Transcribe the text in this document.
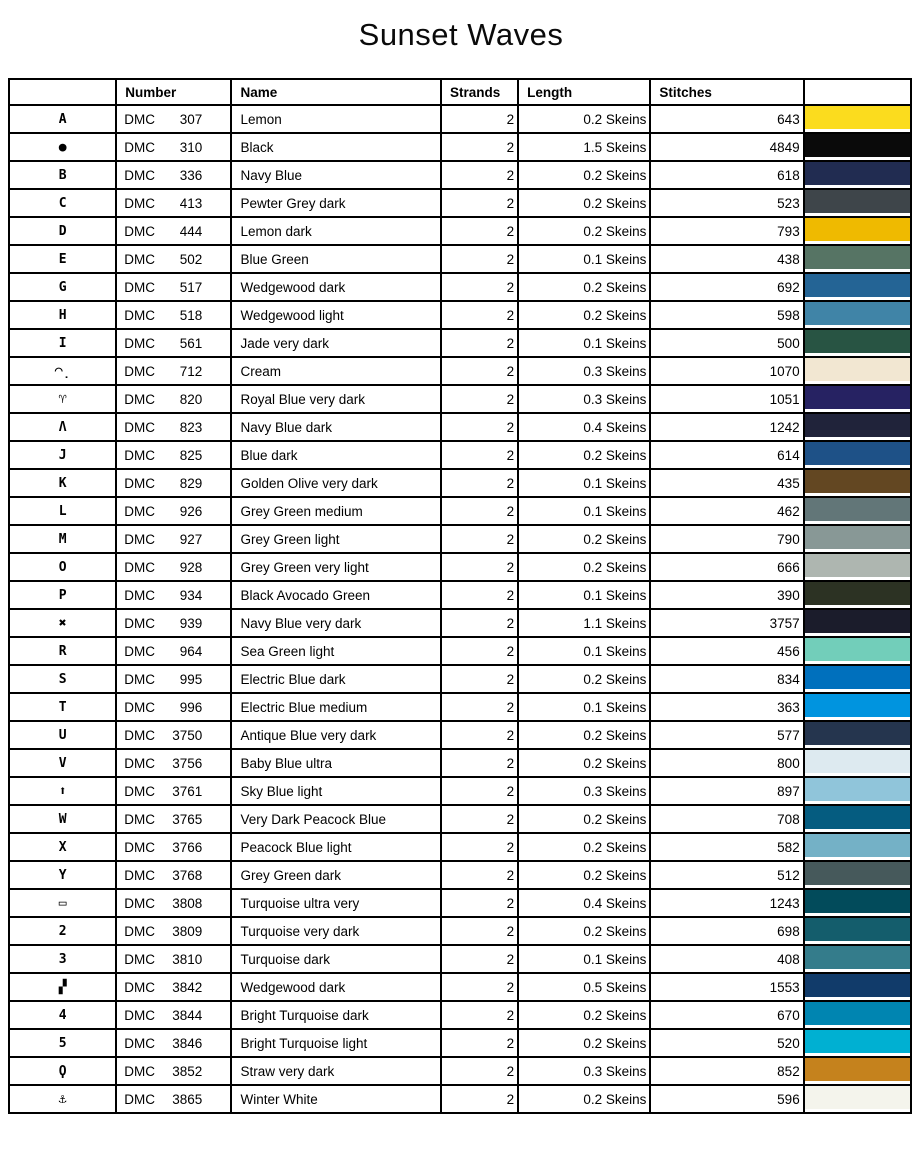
Sunset Waves
	Number	Name	Strands	Length	Stitches	
A	DMC 307	Lemon	2	0.2 Skeins	643	

●	DMC 310	Black	2	1.5 Skeins	4849	

B	DMC 336	Navy Blue	2	0.2 Skeins	618	

C	DMC 413	Pewter Grey dark	2	0.2 Skeins	523	

D	DMC 444	Lemon dark	2	0.2 Skeins	793	

E	DMC 502	Blue Green	2	0.1 Skeins	438	

G	DMC 517	Wedgewood dark	2	0.2 Skeins	692	

H	DMC 518	Wedgewood light	2	0.2 Skeins	598	

I	DMC 561	Jade very dark	2	0.1 Skeins	500	

◠̣	DMC 712	Cream	2	0.3 Skeins	1070	

♈	DMC 820	Royal Blue very dark	2	0.3 Skeins	1051	

Λ	DMC 823	Navy Blue dark	2	0.4 Skeins	1242	

J	DMC 825	Blue dark	2	0.2 Skeins	614	

K	DMC 829	Golden Olive very dark	2	0.1 Skeins	435	

L	DMC 926	Grey Green medium	2	0.1 Skeins	462	

M	DMC 927	Grey Green light	2	0.2 Skeins	790	

O	DMC 928	Grey Green very light	2	0.2 Skeins	666	

P	DMC 934	Black Avocado Green	2	0.1 Skeins	390	

✖	DMC 939	Navy Blue very dark	2	1.1 Skeins	3757	

R	DMC 964	Sea Green light	2	0.1 Skeins	456	

S	DMC 995	Electric Blue dark	2	0.2 Skeins	834	

T	DMC 996	Electric Blue medium	2	0.1 Skeins	363	

U	DMC 3750	Antique Blue very dark	2	0.2 Skeins	577	

V	DMC 3756	Baby Blue ultra	2	0.2 Skeins	800	

⬆	DMC 3761	Sky Blue light	2	0.3 Skeins	897	

W	DMC 3765	Very Dark Peacock Blue	2	0.2 Skeins	708	

X	DMC 3766	Peacock Blue light	2	0.2 Skeins	582	

Y	DMC 3768	Grey Green dark	2	0.2 Skeins	512	

▭	DMC 3808	Turquoise ultra very	2	0.4 Skeins	1243	

2	DMC 3809	Turquoise very dark	2	0.2 Skeins	698	

3	DMC 3810	Turquoise dark	2	0.1 Skeins	408	

▞	DMC 3842	Wedgewood dark	2	0.5 Skeins	1553	

4	DMC 3844	Bright Turquoise dark	2	0.2 Skeins	670	

5	DMC 3846	Bright Turquoise light	2	0.2 Skeins	520	

Ϙ	DMC 3852	Straw very dark	2	0.3 Skeins	852	

⚓	DMC 3865	Winter White	2	0.2 Skeins	596	
